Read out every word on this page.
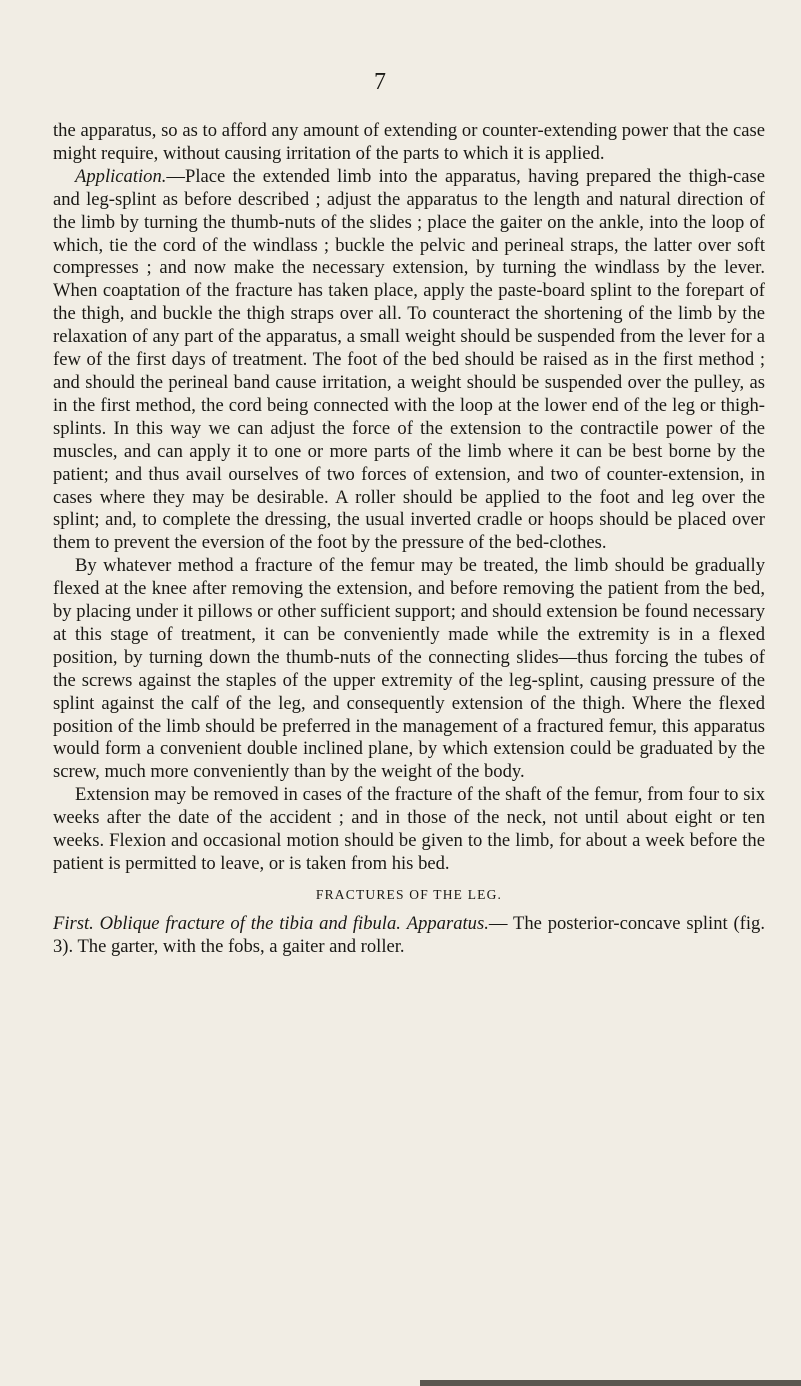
7

the apparatus, so as to afford any amount of extending or counter-extending power that the case might require, without causing irritation of the parts to which it is applied.

Application.—Place the extended limb into the apparatus, having prepared the thigh-case and leg-splint as before described ; adjust the apparatus to the length and natural direction of the limb by turning the thumb-nuts of the slides ; place the gaiter on the ankle, into the loop of which, tie the cord of the windlass ; buckle the pelvic and perineal straps, the latter over soft compresses ; and now make the necessary extension, by turning the windlass by the lever. When coaptation of the fracture has taken place, apply the paste-board splint to the forepart of the thigh, and buckle the thigh straps over all. To counteract the shortening of the limb by the relaxation of any part of the apparatus, a small weight should be suspended from the lever for a few of the first days of treatment. The foot of the bed should be raised as in the first method ; and should the perineal band cause irritation, a weight should be suspended over the pulley, as in the first method, the cord being connected with the loop at the lower end of the leg or thigh-splints. In this way we can adjust the force of the extension to the contractile power of the muscles, and can apply it to one or more parts of the limb where it can be best borne by the patient; and thus avail ourselves of two forces of extension, and two of counter-extension, in cases where they may be desirable. A roller should be applied to the foot and leg over the splint; and, to complete the dressing, the usual inverted cradle or hoops should be placed over them to prevent the eversion of the foot by the pressure of the bed-clothes.

By whatever method a fracture of the femur may be treated, the limb should be gradually flexed at the knee after removing the extension, and before removing the patient from the bed, by placing under it pillows or other sufficient support; and should extension be found necessary at this stage of treatment, it can be conveniently made while the extremity is in a flexed position, by turning down the thumb-nuts of the connecting slides—thus forcing the tubes of the screws against the staples of the upper extremity of the leg-splint, causing pressure of the splint against the calf of the leg, and consequently extension of the thigh. Where the flexed position of the limb should be preferred in the management of a fractured femur, this apparatus would form a convenient double inclined plane, by which extension could be graduated by the screw, much more conveniently than by the weight of the body.

Extension may be removed in cases of the fracture of the shaft of the femur, from four to six weeks after the date of the accident ; and in those of the neck, not until about eight or ten weeks. Flexion and occasional motion should be given to the limb, for about a week before the patient is permitted to leave, or is taken from his bed.

FRACTURES OF THE LEG.

First. Oblique fracture of the tibia and fibula. Apparatus.— The posterior-concave splint (fig. 3). The garter, with the fobs, a gaiter and roller.
